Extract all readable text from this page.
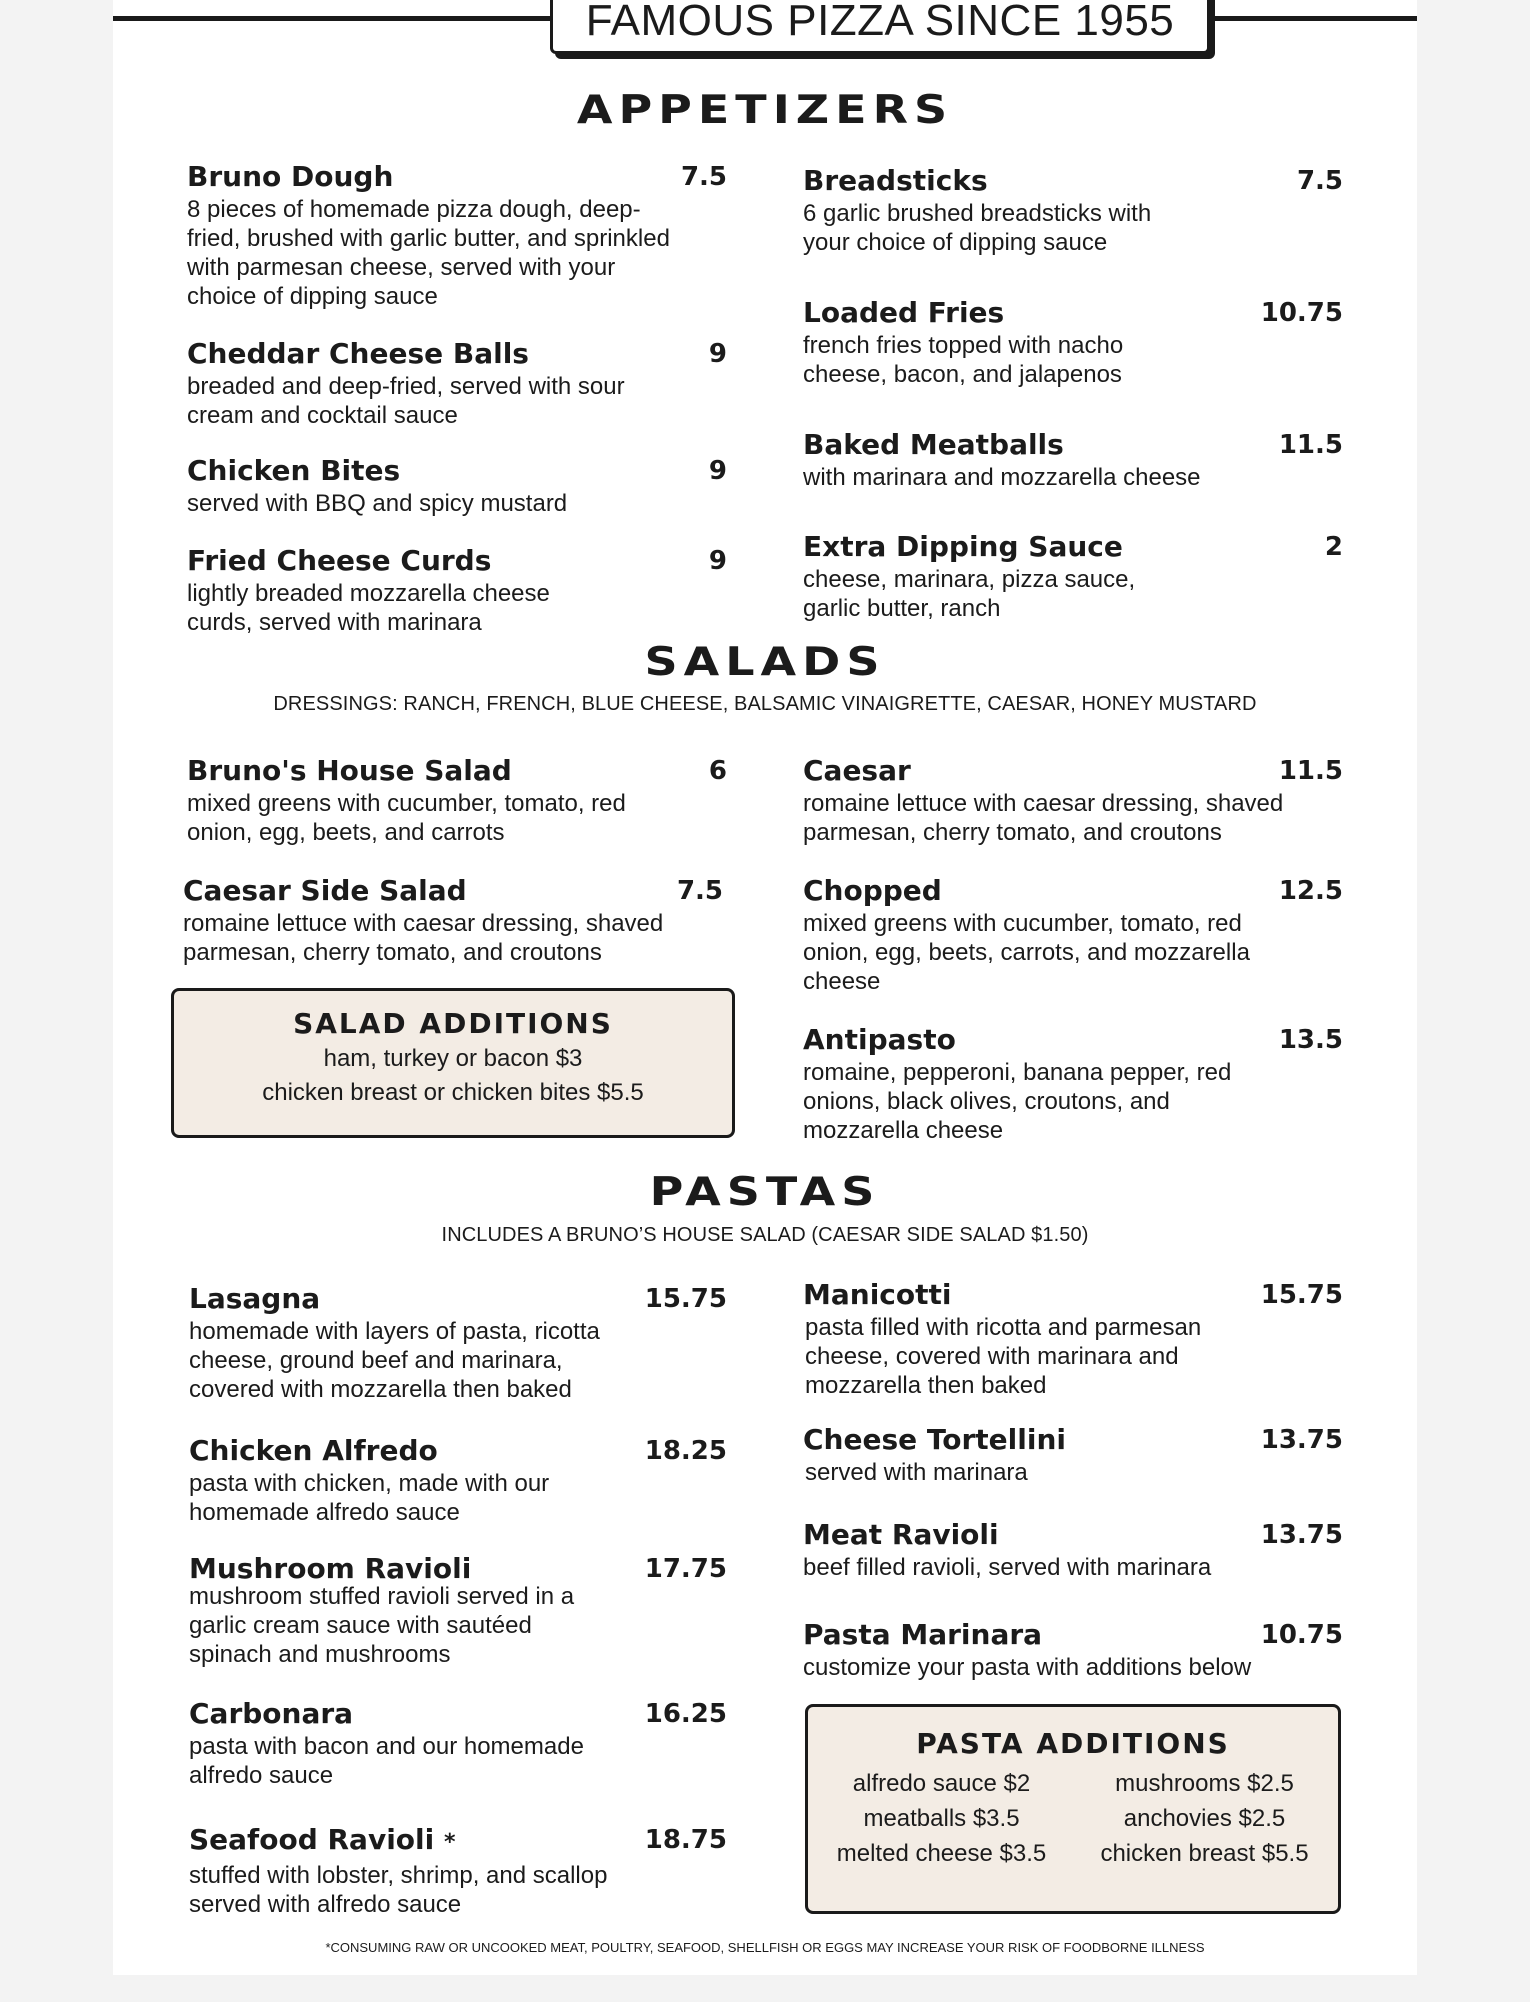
FAMOUS PIZZA SINCE 1955
APPETIZERS
Bruno Dough	7.5
8 pieces of homemade pizza dough, deep-fried, brushed with garlic butter, and sprinkled with parmesan cheese, served with your choice of dipping sauce
Cheddar Cheese Balls	9
breaded and deep-fried, served with sour cream and cocktail sauce
Chicken Bites	9
served with BBQ and spicy mustard
Fried Cheese Curds	9
lightly breaded mozzarella cheese curds, served with marinara
Breadsticks	7.5
6 garlic brushed breadsticks with your choice of dipping sauce
Loaded Fries	10.75
french fries topped with nacho cheese, bacon, and jalapenos
Baked Meatballs	11.5
with marinara and mozzarella cheese
Extra Dipping Sauce	2
cheese, marinara, pizza sauce, garlic butter, ranch
SALADS
DRESSINGS: RANCH, FRENCH, BLUE CHEESE, BALSAMIC VINAIGRETTE, CAESAR, HONEY MUSTARD
Bruno's House Salad	6
mixed greens with cucumber, tomato, red onion, egg, beets, and carrots
Caesar Side Salad	7.5
romaine lettuce with caesar dressing, shaved parmesan, cherry tomato, and croutons
SALAD ADDITIONS
ham, turkey or bacon $3
chicken breast or chicken bites $5.5
Caesar	11.5
romaine lettuce with caesar dressing, shaved parmesan, cherry tomato, and croutons
Chopped	12.5
mixed greens with cucumber, tomato, red onion, egg, beets, carrots, and mozzarella cheese
Antipasto	13.5
romaine, pepperoni, banana pepper, red onions, black olives, croutons, and mozzarella cheese
PASTAS
INCLUDES A BRUNO’S HOUSE SALAD (CAESAR SIDE SALAD $1.50)
Lasagna	15.75
homemade with layers of pasta, ricotta cheese, ground beef and marinara, covered with mozzarella then baked
Chicken Alfredo	18.25
pasta with chicken, made with our homemade alfredo sauce
Mushroom Ravioli	17.75
mushroom stuffed ravioli served in a garlic cream sauce with sautéed spinach and mushrooms
Carbonara	16.25
pasta with bacon and our homemade alfredo sauce
Seafood Ravioli *	18.75
stuffed with lobster, shrimp, and scallop served with alfredo sauce
Manicotti	15.75
pasta filled with ricotta and parmesan cheese, covered with marinara and mozzarella then baked
Cheese Tortellini	13.75
served with marinara
Meat Ravioli	13.75
beef filled ravioli, served with marinara
Pasta Marinara	10.75
customize your pasta with additions below
PASTA ADDITIONS
alfredo sauce $2	mushrooms $2.5
meatballs $3.5	anchovies $2.5
melted cheese $3.5	chicken breast $5.5
*CONSUMING RAW OR UNCOOKED MEAT, POULTRY, SEAFOOD, SHELLFISH OR EGGS MAY INCREASE YOUR RISK OF FOODBORNE ILLNESS
